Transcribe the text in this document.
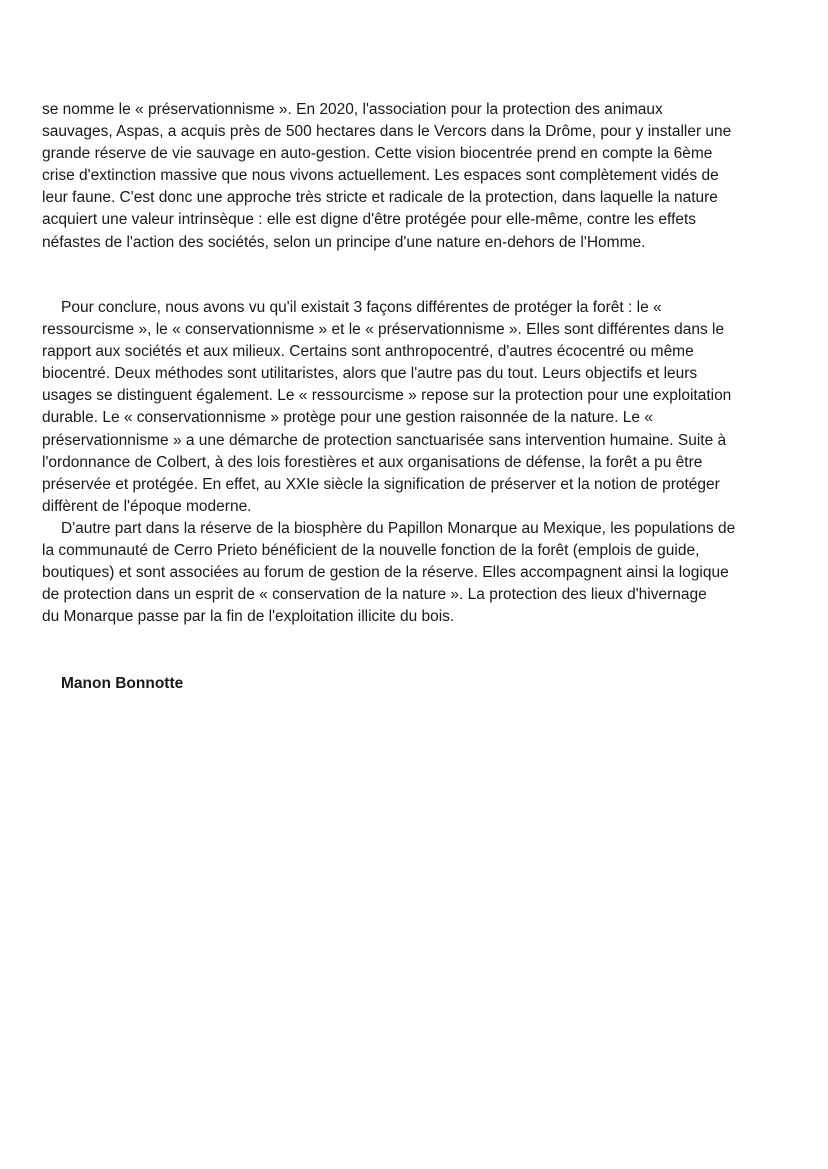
se nomme le « préservationnisme ». En 2020, l'association pour la protection des animaux
sauvages, Aspas, a acquis près de 500 hectares dans le Vercors dans la Drôme, pour y installer une
grande réserve de vie sauvage en auto-gestion. Cette vision biocentrée prend en compte la 6ème
crise d'extinction massive que nous vivons actuellement. Les espaces sont complètement vidés de
leur faune. C'est donc une approche très stricte et radicale de la protection, dans laquelle la nature
acquiert une valeur intrinsèque : elle est digne d'être protégée pour elle-même, contre les effets
néfastes de l'action des sociétés, selon un principe d'une nature en-dehors de l'Homme.
Pour conclure, nous avons vu qu'il existait 3 façons différentes de protéger la forêt : le «
ressourcisme », le « conservationnisme » et le « préservationnisme ». Elles sont différentes dans le
rapport aux sociétés et aux milieux. Certains sont anthropocentré, d'autres écocentré ou même
biocentré. Deux méthodes sont utilitaristes, alors que l'autre pas du tout. Leurs objectifs et leurs
usages se distinguent également. Le « ressourcisme » repose sur la protection pour une exploitation
durable. Le « conservationnisme » protège pour une gestion raisonnée de la nature. Le «
préservationnisme » a une démarche de protection sanctuarisée sans intervention humaine. Suite à
l'ordonnance de Colbert, à des lois forestières et aux organisations de défense, la forêt a pu être
préservée et protégée. En effet, au XXIe siècle la signification de préserver et la notion de protéger
diffèrent de l'époque moderne.
D'autre part dans la réserve de la biosphère du Papillon Monarque au Mexique, les populations de
la communauté de Cerro Prieto bénéficient de la nouvelle fonction de la forêt (emplois de guide,
boutiques) et sont associées au forum de gestion de la réserve. Elles accompagnent ainsi la logique
de protection dans un esprit de « conservation de la nature ». La protection des lieux d'hivernage
du Monarque passe par la fin de l'exploitation illicite du bois.
Manon Bonnotte
